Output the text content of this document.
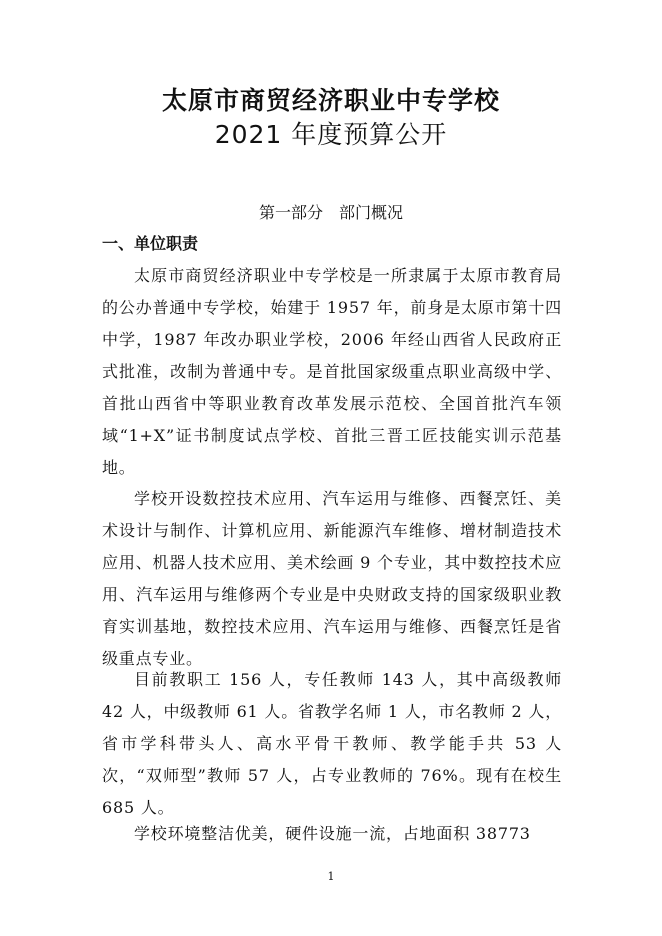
太原市商贸经济职业中专学校
2021 年度预算公开
第一部分　部门概况
一、单位职责

太原市商贸经济职业中专学校是一所隶属于太原市教育局的公办普通中专学校，始建于 1957 年，前身是太原市第十四中学，1987 年改办职业学校，2006 年经山西省人民政府正式批准，改制为普通中专。是首批国家级重点职业高级中学、首批山西省中等职业教育改革发展示范校、全国首批汽车领域“1+X”证书制度试点学校、首批三晋工匠技能实训示范基地。

学校开设数控技术应用、汽车运用与维修、西餐烹饪、美术设计与制作、计算机应用、新能源汽车维修、增材制造技术应用、机器人技术应用、美术绘画 9 个专业，其中数控技术应用、汽车运用与维修两个专业是中央财政支持的国家级职业教育实训基地，数控技术应用、汽车运用与维修、西餐烹饪是省级重点专业。

目前教职工 156 人，专任教师 143 人，其中高级教师 42 人，中级教师 61 人。省教学名师 1 人，市名教师 2 人，省市学科带头人、高水平骨干教师、教学能手共 53 人次，“双师型”教师 57 人，占专业教师的 76%。现有在校生 685 人。

学校环境整洁优美，硬件设施一流，占地面积 38773

1
